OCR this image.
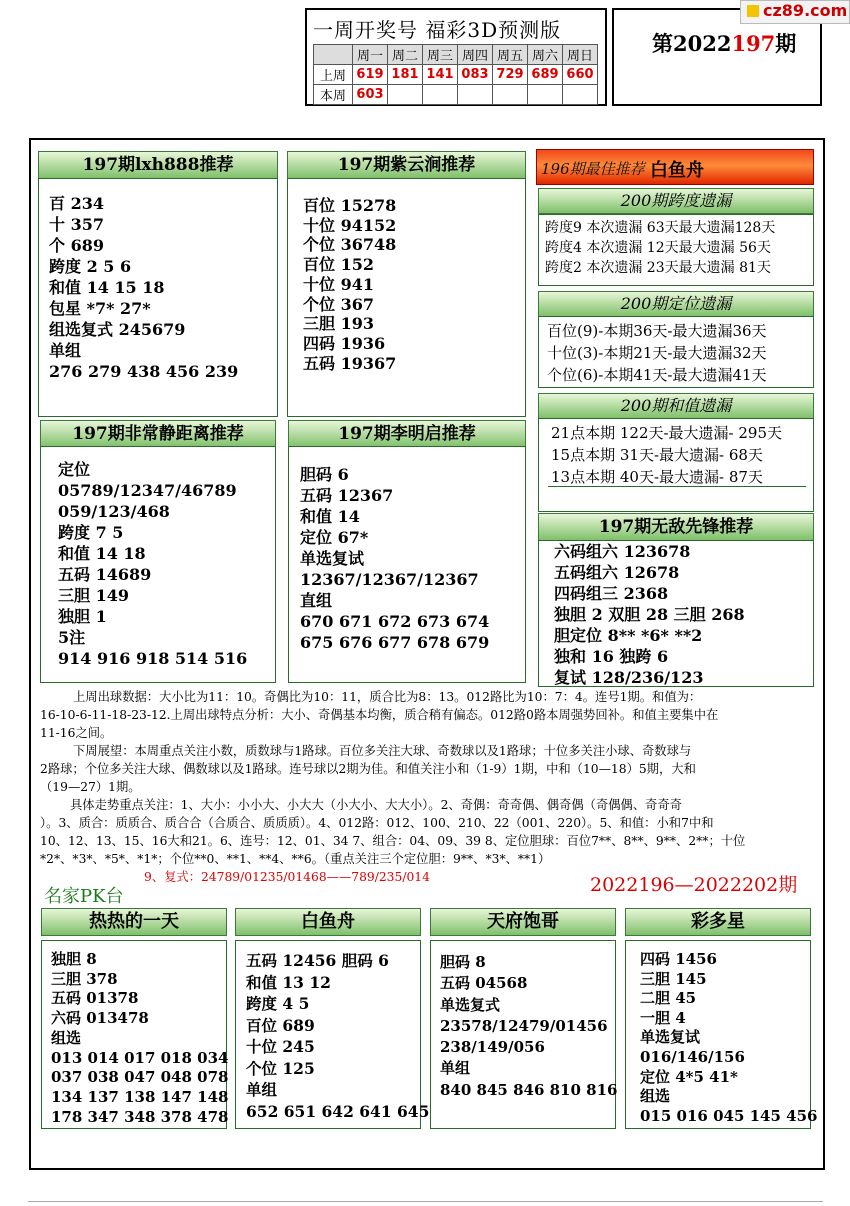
一周开奖号 福彩3D预测版
	周一	周二	周三	周四	周五	周六	周日
上周	619	181	141	083	729	689	660
本周	603						
第2022197期
cz89.com
197期lxh888推荐
百 234
十 357
个 689
跨度 2 5 6
和值 14 15 18
包星 *7* 27*
组选复式 245679
单组
276 279 438 456 239
197期紫云涧推荐
百位 15278
十位 94152
个位 36748
百位 152
十位 941
个位 367
三胆 193
四码 1936
五码 19367
197期非常静距离推荐
定位
05789/12347/46789
059/123/468
跨度 7 5
和值 14 18
五码 14689
三胆 149
独胆 1
5注
914 916 918 514 516
197期李明启推荐
胆码 6
五码 12367
和值 14
定位 67*
单选复试
12367/12367/12367
直组
670 671 672 673 674
675 676 677 678 679
196期最佳推荐 白鱼舟
200期跨度遗漏
跨度9 本次遗漏 63天最大遗漏128天
跨度4 本次遗漏 12天最大遗漏 56天
跨度2 本次遗漏 23天最大遗漏 81天
200期定位遗漏
百位(9)-本期36天-最大遗漏36天
十位(3)-本期21天-最大遗漏32天
个位(6)-本期41天-最大遗漏41天
200期和值遗漏
21点本期 122天-最大遗漏- 295天
15点本期 31天-最大遗漏- 68天
13点本期 40天-最大遗漏- 87天
197期无敌先锋推荐
六码组六 123678
五码组六 12678
四码组三 2368
独胆 2 双胆 28 三胆 268
胆定位 8** *6* **2
独和 16 独跨 6
复试 128/236/123
上周出球数据：大小比为11：10。奇偶比为10：11，质合比为8：13。012路比为10：7：4。连号1期。和值为：
16-10-6-11-18-23-12.上周出球特点分析：大小、奇偶基本均衡，质合稍有偏态。012路0路本周强势回补。和值主要集中在
11-16之间。
下周展望：本周重点关注小数，质数球与1路球。百位多关注大球、奇数球以及1路球；十位多关注小球、奇数球与
2路球；个位多关注大球、偶数球以及1路球。连号球以2期为佳。和值关注小和（1-9）1期，中和（10—18）5期，大和
（19—27）1期。
具体走势重点关注：1、大小：小小大、小大大（小大小、大大小）。2、奇偶：奇奇偶、偶奇偶（奇偶偶、奇奇奇
）。3、质合：质质合、质合合（合质合、质质质）。4、012路：012、100、210、22（001、220）。5、和值：小和7中和
10、12、13、15、16大和21。6、连号：12、01、34 7、组合：04、09、39 8、定位胆球：百位7**、8**、9**、2**；十位
*2*、*3*、*5*、*1*；个位**0、**1、**4、**6。（重点关注三个定位胆：9**、*3*、**1）
9、复式：24789/01235/01468——789/235/014
名家PK台
2022196—2022202期
热热的一天
独胆 8
三胆 378
五码 01378
六码 013478
组选
013 014 017 018 034
037 038 047 048 078
134 137 138 147 148
178 347 348 378 478
白鱼舟
五码 12456 胆码 6
和值 13 12
跨度 4 5
百位 689
十位 245
个位 125
单组
652 651 642 641 645
天府饱哥
胆码 8
五码 04568
单选复式
23578/12479/01456
238/149/056
单组
840 845 846 810 816
彩多星
四码 1456
三胆 145
二胆 45
一胆 4
单选复试
016/146/156
定位 4*5 41*
组选
015 016 045 145 456
